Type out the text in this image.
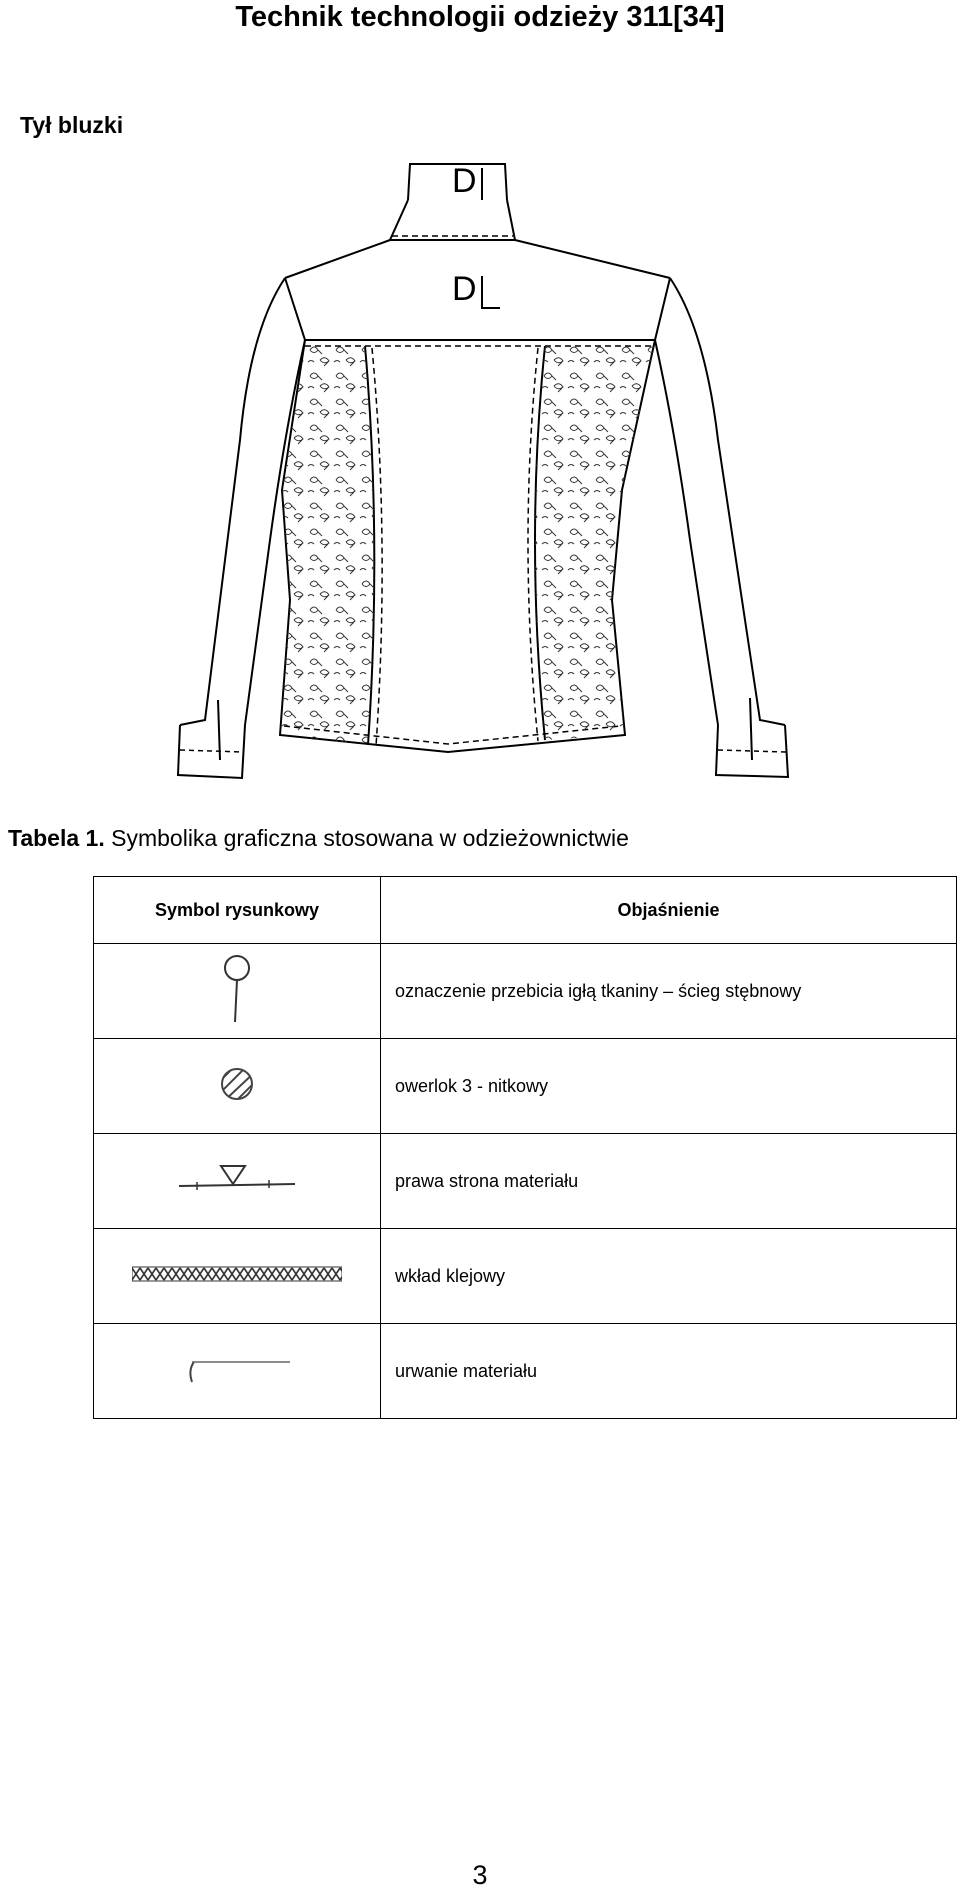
Technik technologii odzieży 311[34]
Tył bluzki
D
D
Tabela 1. Symbolika graficzna stosowana w odzieżownictwie
Symbol rysunkowy	Objaśnienie
	oznaczenie przebicia igłą tkaniny – ścieg stębnowy
	owerlok 3 - nitkowy
	prawa strona materiału
	wkład klejowy
	urwanie materiału
3
